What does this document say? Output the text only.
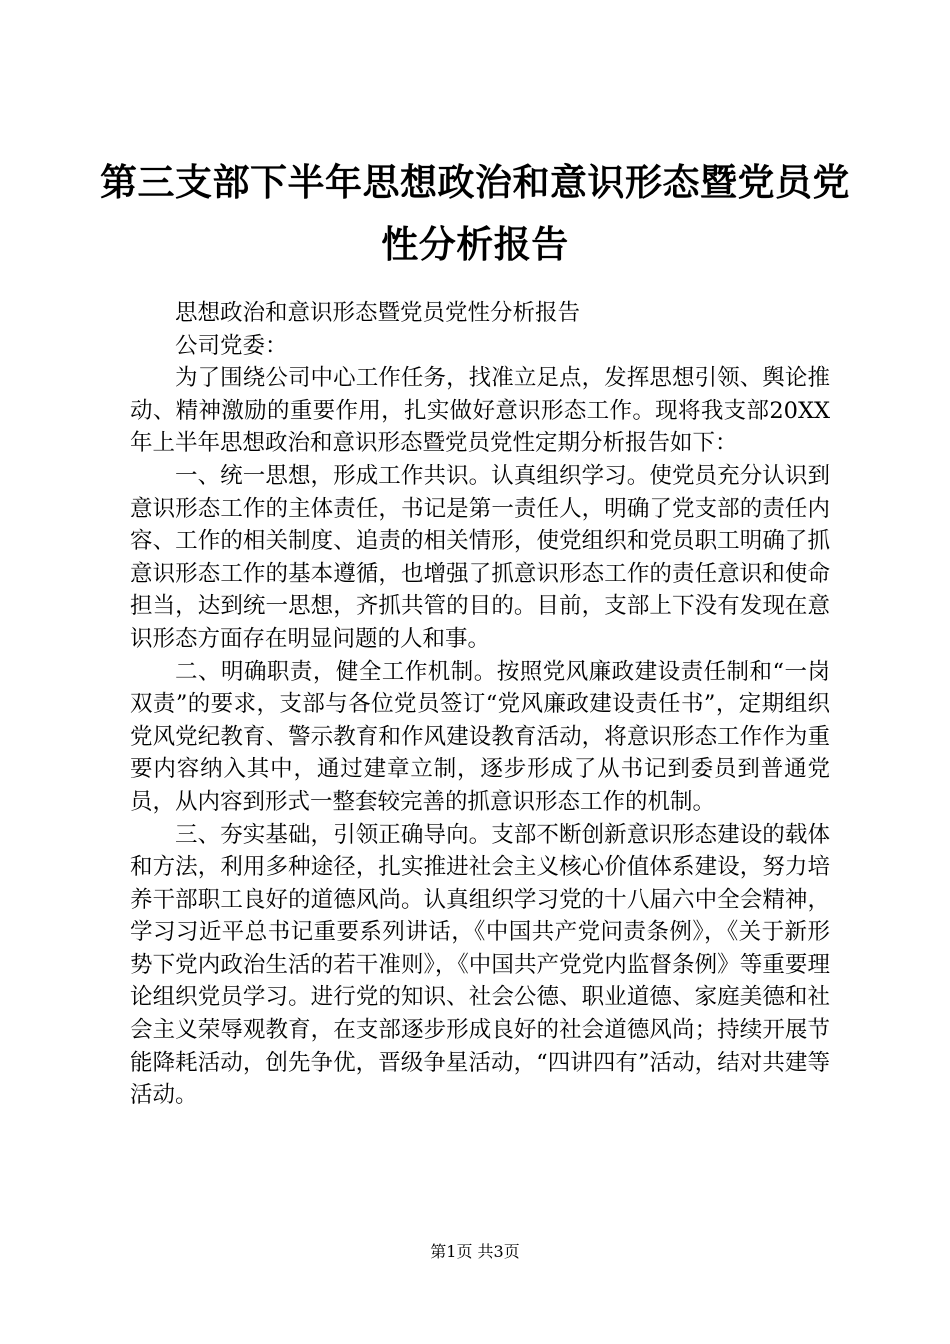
第三支部下半年思想政治和意识形态暨党员党性分析报告

思想政治和意识形态暨党员党性分析报告

公司党委：

为了围绕公司中心工作任务，找准立足点，发挥思想引领、舆论推动、精神激励的重要作用，扎实做好意识形态工作。现将我支部20XX年上半年思想政治和意识形态暨党员党性定期分析报告如下：

一、统一思想，形成工作共识。认真组织学习。使党员充分认识到意识形态工作的主体责任，书记是第一责任人，明确了党支部的责任内容、工作的相关制度、追责的相关情形，使党组织和党员职工明确了抓意识形态工作的基本遵循，也增强了抓意识形态工作的责任意识和使命担当，达到统一思想，齐抓共管的目的。目前，支部上下没有发现在意识形态方面存在明显问题的人和事。

二、明确职责，健全工作机制。按照党风廉政建设责任制和“一岗双责”的要求，支部与各位党员签订“党风廉政建设责任书”，定期组织党风党纪教育、警示教育和作风建设教育活动，将意识形态工作作为重要内容纳入其中，通过建章立制，逐步形成了从书记到委员到普通党员，从内容到形式一整套较完善的抓意识形态工作的机制。

三、夯实基础，引领正确导向。支部不断创新意识形态建设的载体和方法，利用多种途径，扎实推进社会主义核心价值体系建设，努力培养干部职工良好的道德风尚。认真组织学习党的十八届六中全会精神，学习习近平总书记重要系列讲话，《中国共产党问责条例》，《关于新形势下党内政治生活的若干准则》，《中国共产党党内监督条例》等重要理论组织党员学习。进行党的知识、社会公德、职业道德、家庭美德和社会主义荣辱观教育，在支部逐步形成良好的社会道德风尚；持续开展节能降耗活动，创先争优，晋级争星活动，“四讲四有”活动，结对共建等活动。

第1页 共3页
